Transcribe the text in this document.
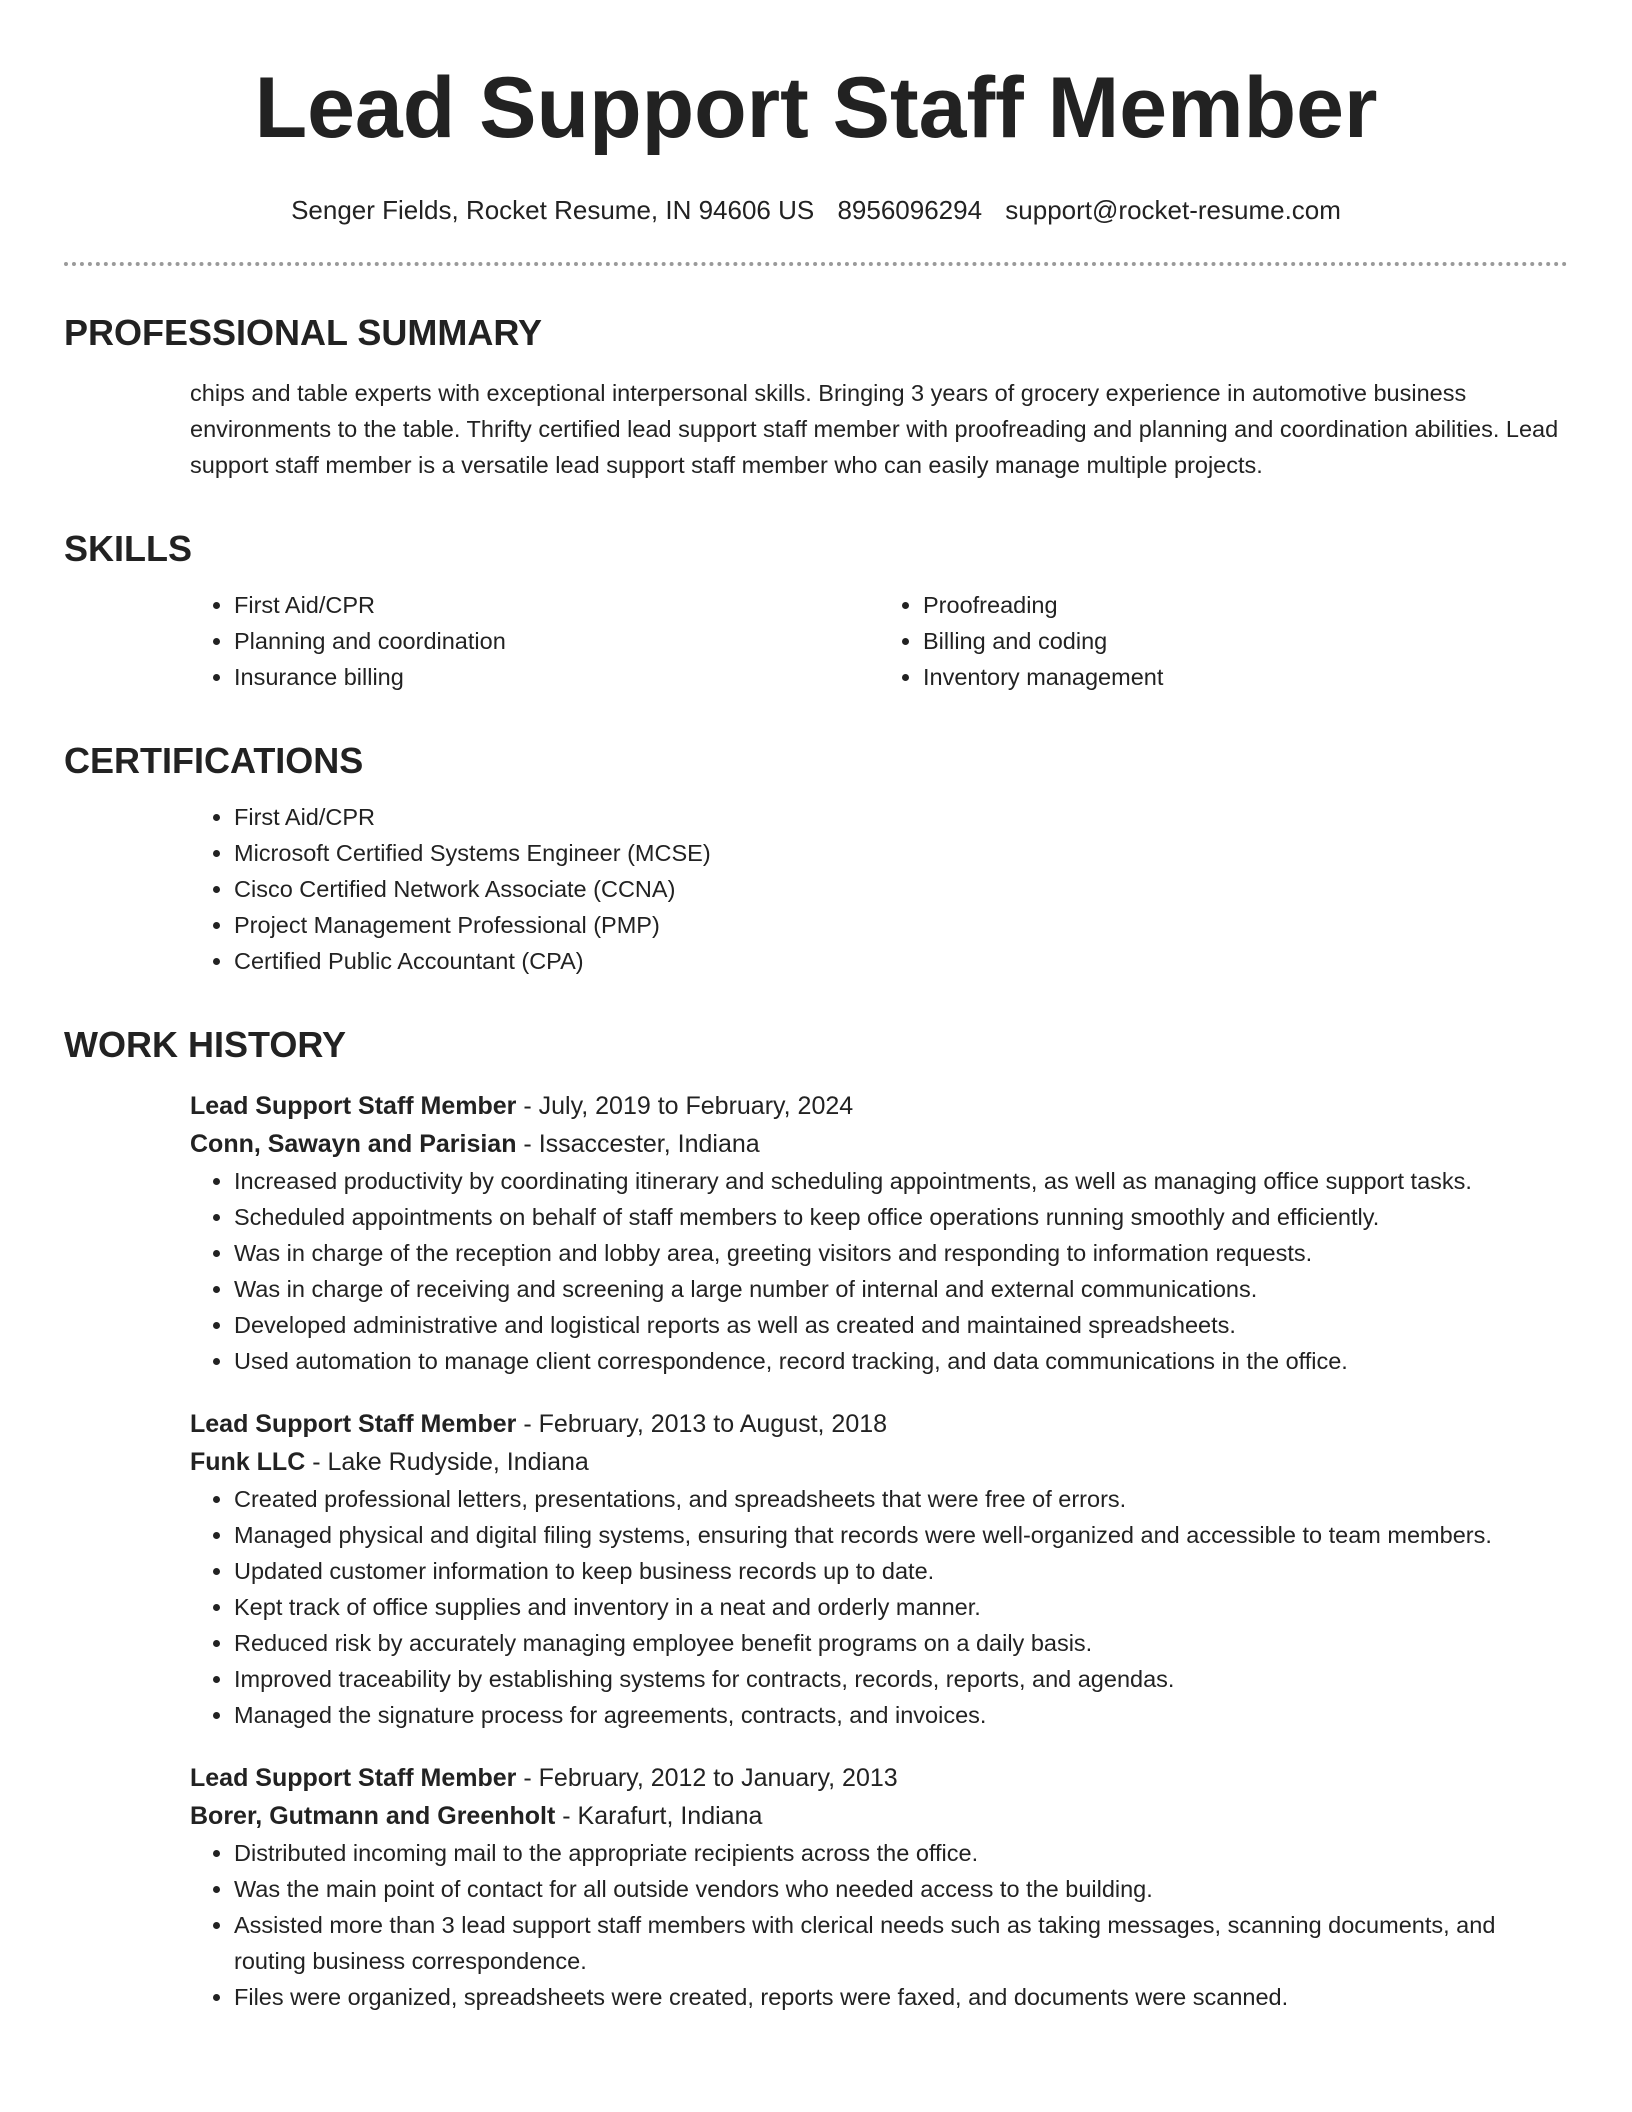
Lead Support Staff Member
Senger Fields, Rocket Resume, IN 94606 US 8956096294 support@rocket-resume.com
PROFESSIONAL SUMMARY
chips and table experts with exceptional interpersonal skills. Bringing 3 years of grocery experience in automotive business environments to the table. Thrifty certified lead support staff member with proofreading and planning and coordination abilities. Lead support staff member is a versatile lead support staff member who can easily manage multiple projects.
SKILLS
• First Aid/CPR
• Planning and coordination
• Insurance billing
• Proofreading
• Billing and coding
• Inventory management
CERTIFICATIONS
• First Aid/CPR
• Microsoft Certified Systems Engineer (MCSE)
• Cisco Certified Network Associate (CCNA)
• Project Management Professional (PMP)
• Certified Public Accountant (CPA)
WORK HISTORY
Lead Support Staff Member - July, 2019 to February, 2024
Conn, Sawayn and Parisian - Issaccester, Indiana
• Increased productivity by coordinating itinerary and scheduling appointments, as well as managing office support tasks.
• Scheduled appointments on behalf of staff members to keep office operations running smoothly and efficiently.
• Was in charge of the reception and lobby area, greeting visitors and responding to information requests.
• Was in charge of receiving and screening a large number of internal and external communications.
• Developed administrative and logistical reports as well as created and maintained spreadsheets.
• Used automation to manage client correspondence, record tracking, and data communications in the office.
Lead Support Staff Member - February, 2013 to August, 2018
Funk LLC - Lake Rudyside, Indiana
• Created professional letters, presentations, and spreadsheets that were free of errors.
• Managed physical and digital filing systems, ensuring that records were well-organized and accessible to team members.
• Updated customer information to keep business records up to date.
• Kept track of office supplies and inventory in a neat and orderly manner.
• Reduced risk by accurately managing employee benefit programs on a daily basis.
• Improved traceability by establishing systems for contracts, records, reports, and agendas.
• Managed the signature process for agreements, contracts, and invoices.
Lead Support Staff Member - February, 2012 to January, 2013
Borer, Gutmann and Greenholt - Karafurt, Indiana
• Distributed incoming mail to the appropriate recipients across the office.
• Was the main point of contact for all outside vendors who needed access to the building.
• Assisted more than 3 lead support staff members with clerical needs such as taking messages, scanning documents, and routing business correspondence.
• Files were organized, spreadsheets were created, reports were faxed, and documents were scanned.
